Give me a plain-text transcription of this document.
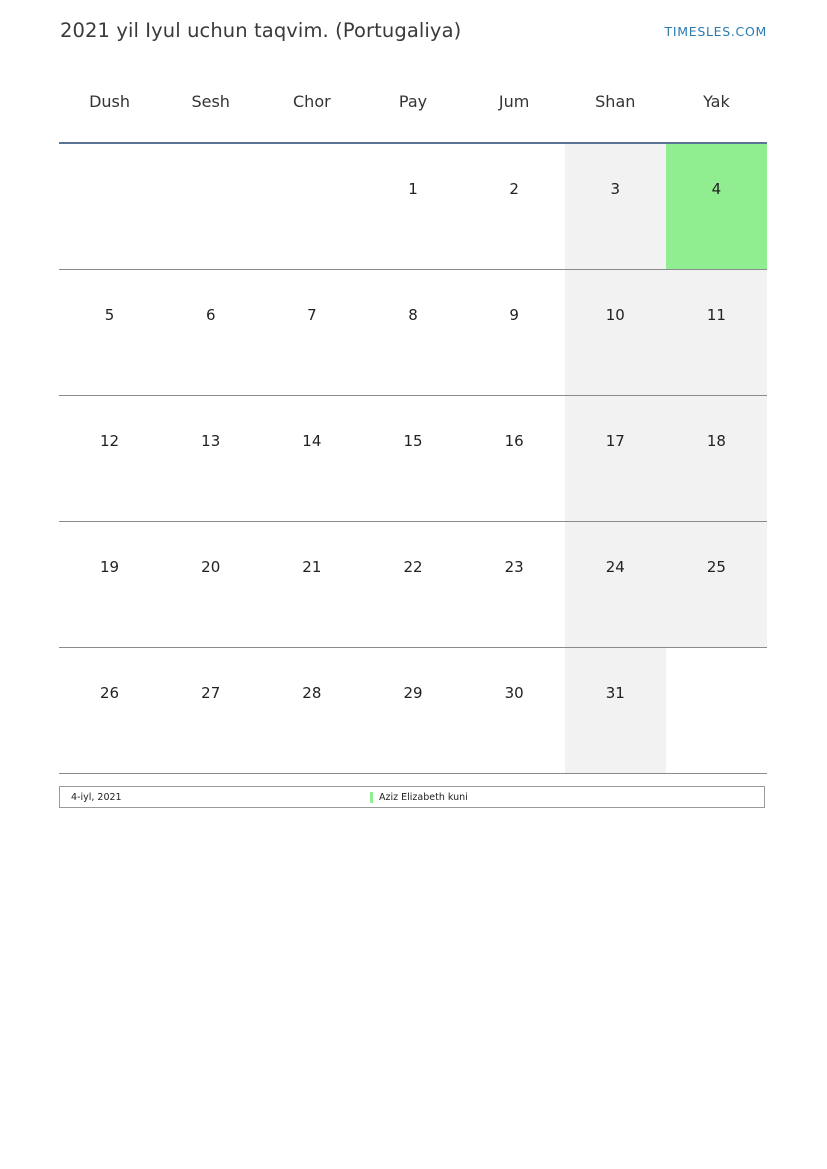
2021 yil Iyul uchun taqvim. (Portugaliya)	TIMESLES.COM
Dush	Sesh	Chor	Pay	Jum	Shan	Yak

			1	2	3	4

5	6	7	8	9	10	11

12	13	14	15	16	17	18

19	20	21	22	23	24	25

26	27	28	29	30	31	

4-iyl, 2021	Aziz Elizabeth kuni
